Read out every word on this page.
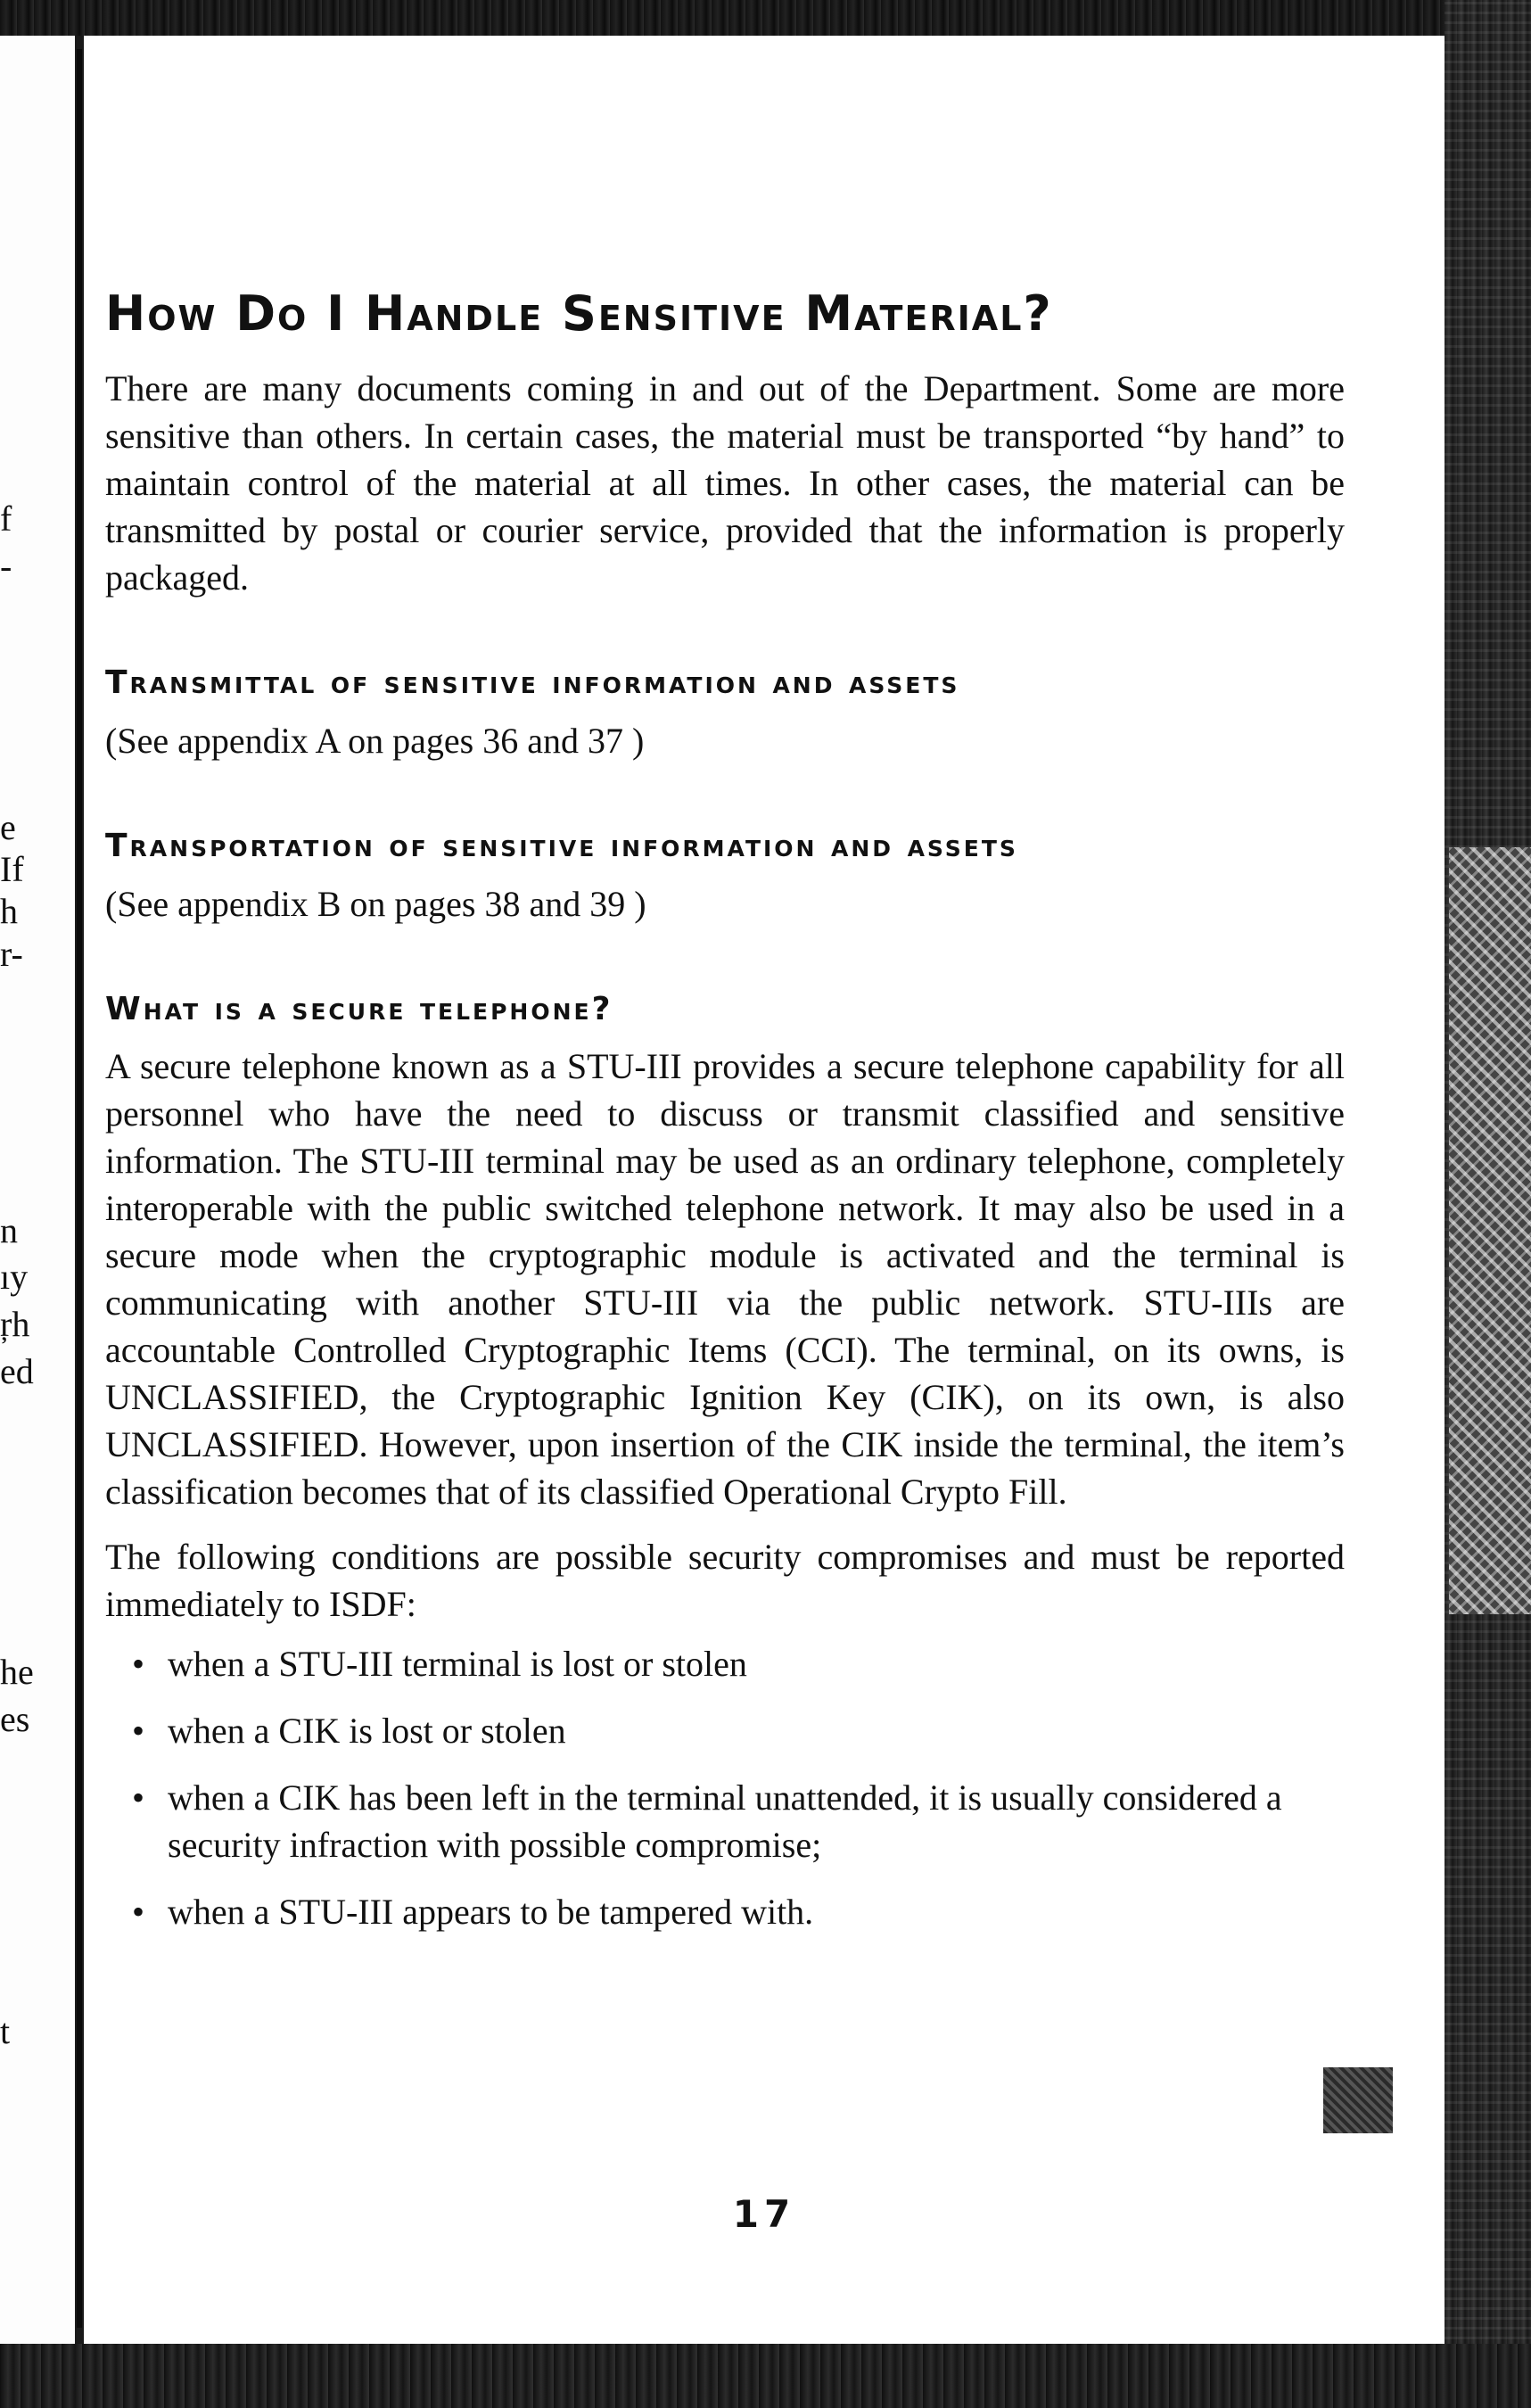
f
-
e
If
h
r-
n
ıy
ŗh
ed
he
es
t
How Do I Handle Sensitive Material?

There are many documents coming in and out of the Department. Some are more sensitive than others. In certain cases, the material must be transported “by hand” to maintain control of the material at all times. In other cases, the material can be transmitted by postal or courier service, provided that the information is properly packaged.

Transmittal of sensitive information and assets

(See appendix A on pages 36 and 37 )

Transportation of sensitive information and assets

(See appendix B on pages 38 and 39 )

What is a secure telephone?

A secure telephone known as a STU-III provides a secure telephone capability for all personnel who have the need to discuss or transmit classified and sensitive information. The STU-III terminal may be used as an ordinary telephone, completely interoperable with the public switched telephone network. It may also be used in a secure mode when the cryptographic module is activated and the terminal is communicating with another STU-III via the public network. STU-IIIs are accountable Controlled Cryptographic Items (CCI). The terminal, on its owns, is UNCLASSIFIED, the Cryptographic Ignition Key (CIK), on its own, is also UNCLASSIFIED. However, upon insertion of the CIK inside the terminal, the item’s classification becomes that of its classified Operational Crypto Fill.

The following conditions are possible security compromises and must be reported immediately to ISDF:

• when a STU-III terminal is lost or stolen
• when a CIK is lost or stolen
• when a CIK has been left in the terminal unattended, it is usually considered a security infraction with possible compromise;
• when a STU-III appears to be tampered with.
17
